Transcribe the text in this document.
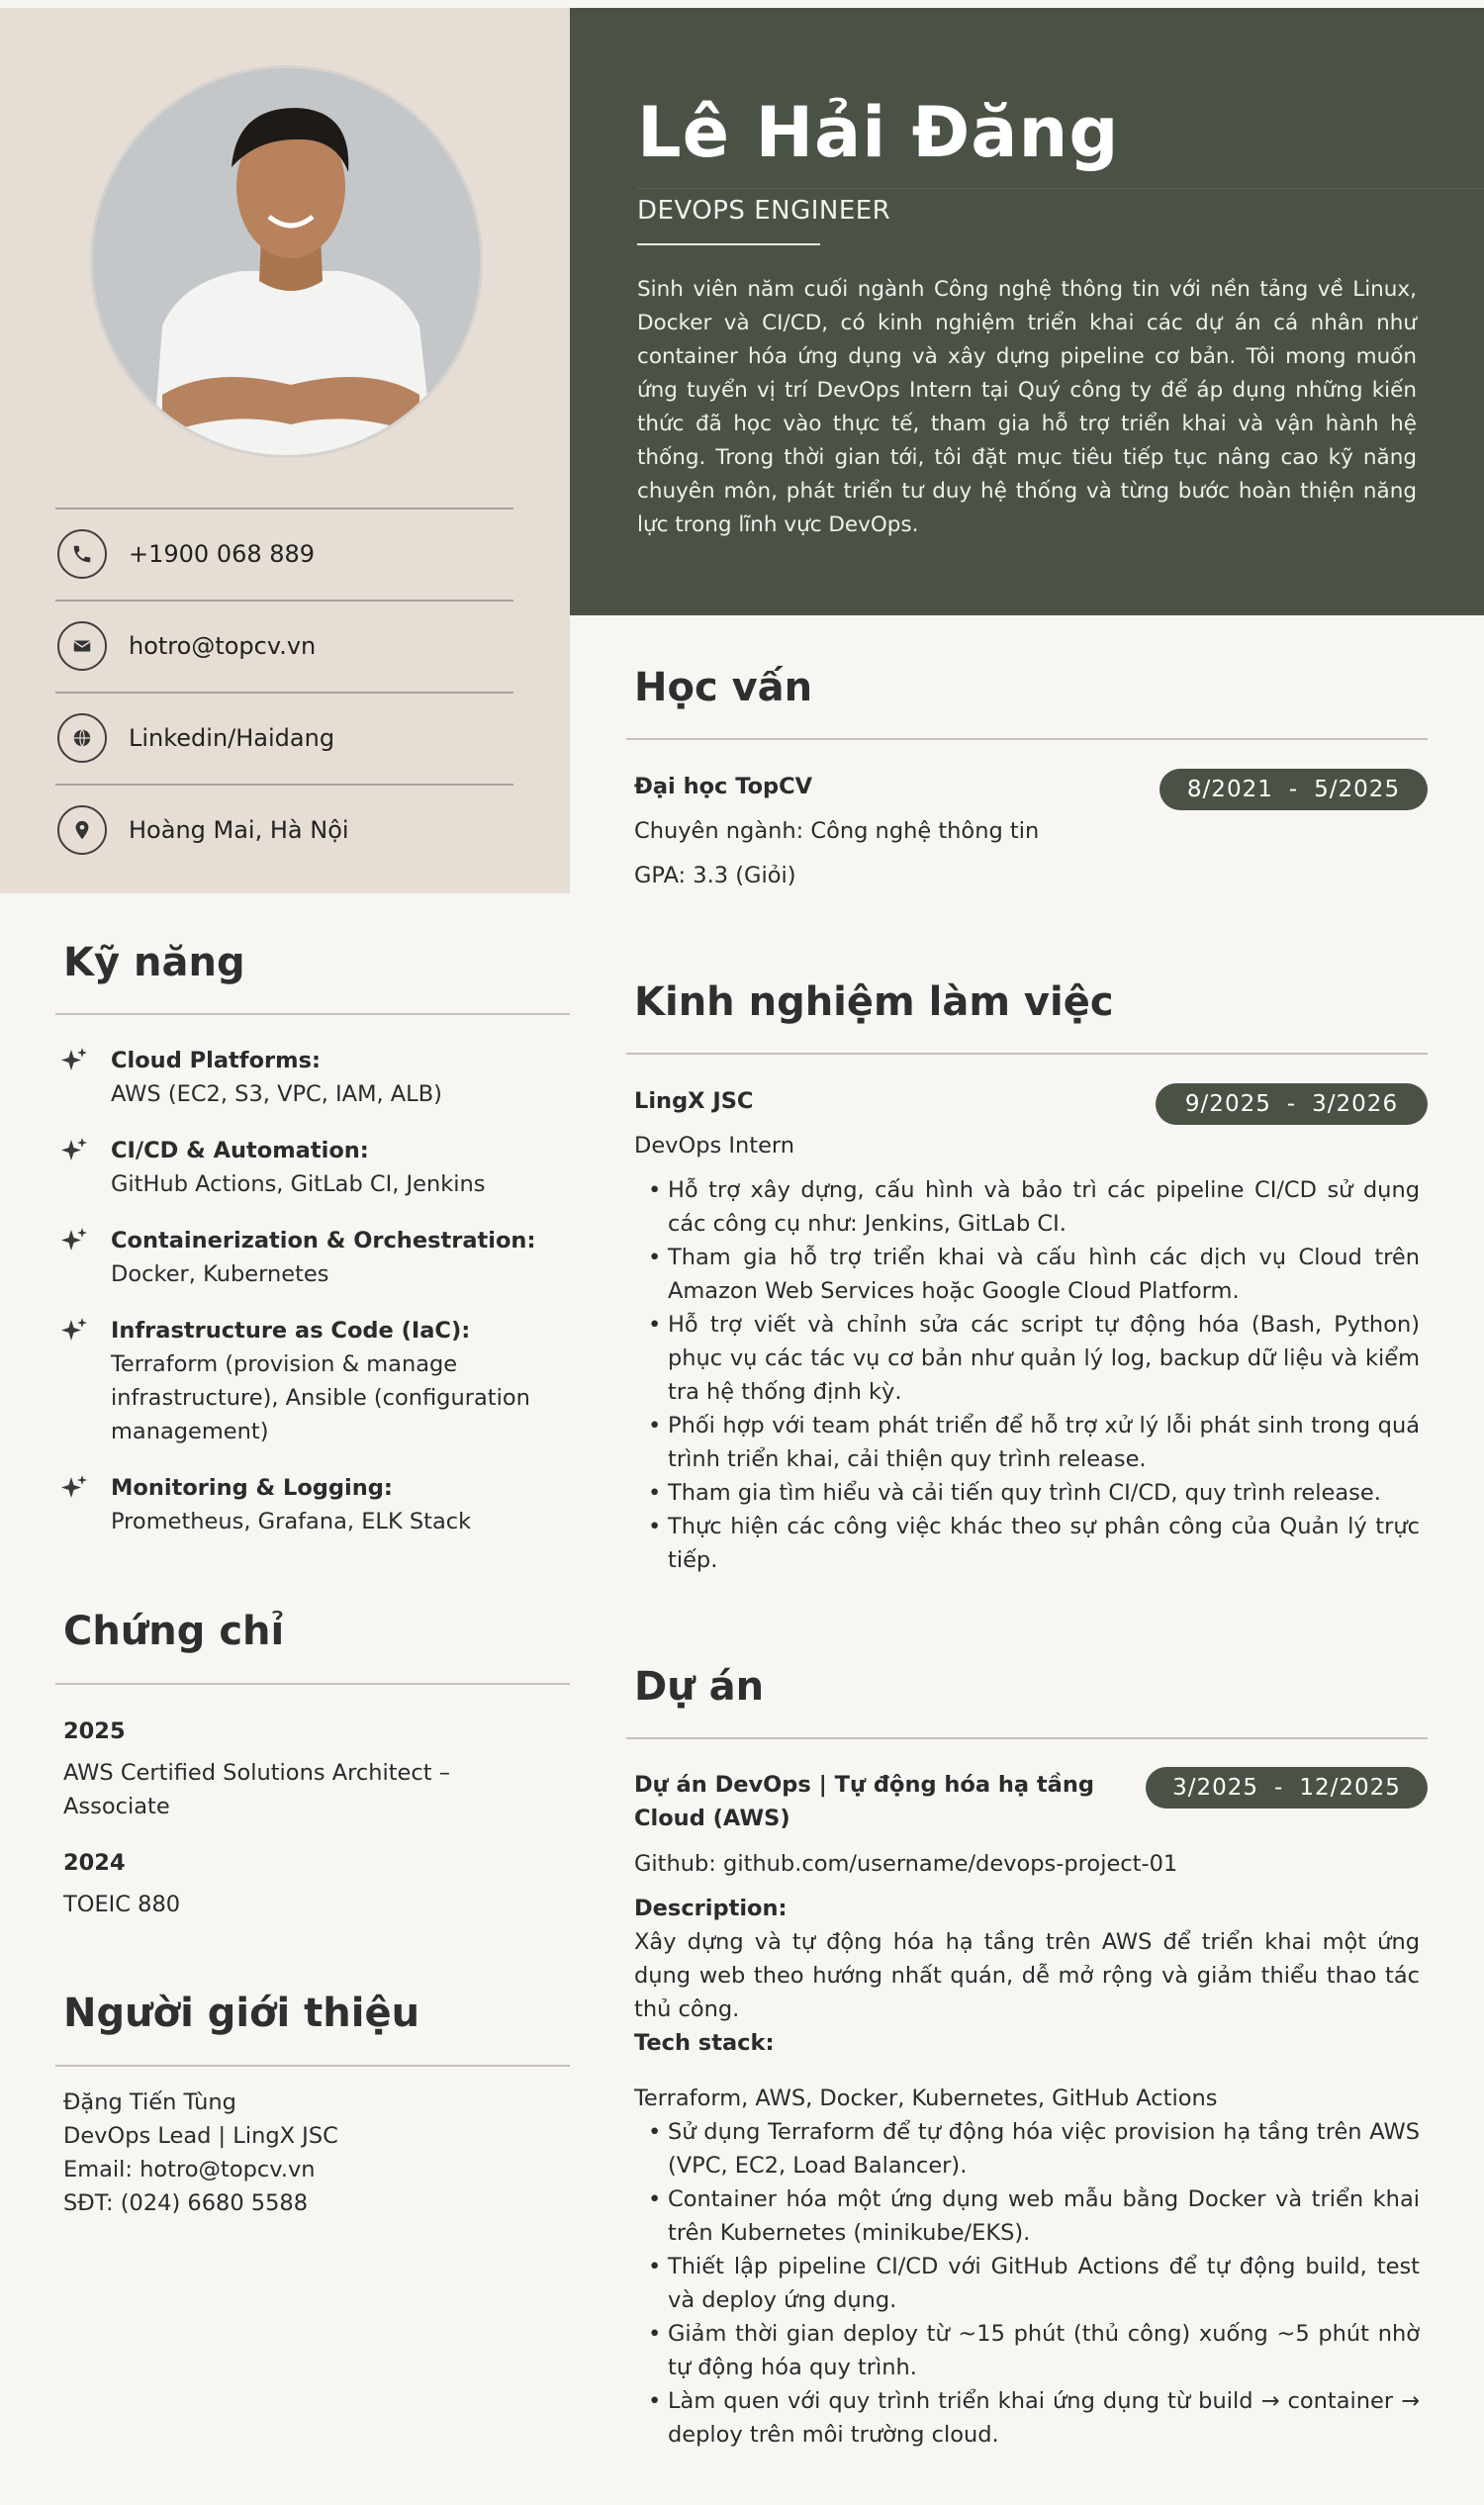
+1900 068 889
hotro@topcv.vn
Linkedin/Haidang
Hoàng Mai, Hà Nội
Lê Hải Đăng
DEVOPS ENGINEER
Sinh viên năm cuối ngành Công nghệ thông tin với nền tảng về Linux, Docker và CI/CD, có kinh nghiệm triển khai các dự án cá nhân như container hóa ứng dụng và xây dựng pipeline cơ bản. Tôi mong muốn ứng tuyển vị trí DevOps Intern tại Quý công ty để áp dụng những kiến thức đã học vào thực tế, tham gia hỗ trợ triển khai và vận hành hệ thống. Trong thời gian tới, tôi đặt mục tiêu tiếp tục nâng cao kỹ năng chuyên môn, phát triển tư duy hệ thống và từng bước hoàn thiện năng lực trong lĩnh vực DevOps.
Kỹ năng
Cloud Platforms:
AWS (EC2, S3, VPC, IAM, ALB)
CI/CD & Automation:
GitHub Actions, GitLab CI, Jenkins
Containerization & Orchestration:
Docker, Kubernetes
Infrastructure as Code (IaC):
Terraform (provision & manage infrastructure), Ansible (configuration management)
Monitoring & Logging:
Prometheus, Grafana, ELK Stack
Chứng chỉ
2025
AWS Certified Solutions Architect – Associate
2024
TOEIC 880
Người giới thiệu
Đặng Tiến Tùng
DevOps Lead | LingX JSC
Email: hotro@topcv.vn
SĐT: (024) 6680 5588
Học vấn
Đại học TopCV	8/2021 - 5/2025
Chuyên ngành: Công nghệ thông tin
GPA: 3.3 (Giỏi)
Kinh nghiệm làm việc
LingX JSC	9/2025 - 3/2026
DevOps Intern
• Hỗ trợ xây dựng, cấu hình và bảo trì các pipeline CI/CD sử dụng các công cụ như: Jenkins, GitLab CI.
• Tham gia hỗ trợ triển khai và cấu hình các dịch vụ Cloud trên Amazon Web Services hoặc Google Cloud Platform.
• Hỗ trợ viết và chỉnh sửa các script tự động hóa (Bash, Python) phục vụ các tác vụ cơ bản như quản lý log, backup dữ liệu và kiểm tra hệ thống định kỳ.
• Phối hợp với team phát triển để hỗ trợ xử lý lỗi phát sinh trong quá trình triển khai, cải thiện quy trình release.
• Tham gia tìm hiểu và cải tiến quy trình CI/CD, quy trình release.
• Thực hiện các công việc khác theo sự phân công của Quản lý trực tiếp.
Dự án
Dự án DevOps | Tự động hóa hạ tầng Cloud (AWS)
3/2025 - 12/2025
Github: github.com/username/devops-project-01
Description:
Xây dựng và tự động hóa hạ tầng trên AWS để triển khai một ứng dụng web theo hướng nhất quán, dễ mở rộng và giảm thiểu thao tác thủ công.
Tech stack:
Terraform, AWS, Docker, Kubernetes, GitHub Actions
• Sử dụng Terraform để tự động hóa việc provision hạ tầng trên AWS (VPC, EC2, Load Balancer).
• Container hóa một ứng dụng web mẫu bằng Docker và triển khai trên Kubernetes (minikube/EKS).
• Thiết lập pipeline CI/CD với GitHub Actions để tự động build, test và deploy ứng dụng.
• Giảm thời gian deploy từ ~15 phút (thủ công) xuống ~5 phút nhờ tự động hóa quy trình.
• Làm quen với quy trình triển khai ứng dụng từ build → container → deploy trên môi trường cloud.
